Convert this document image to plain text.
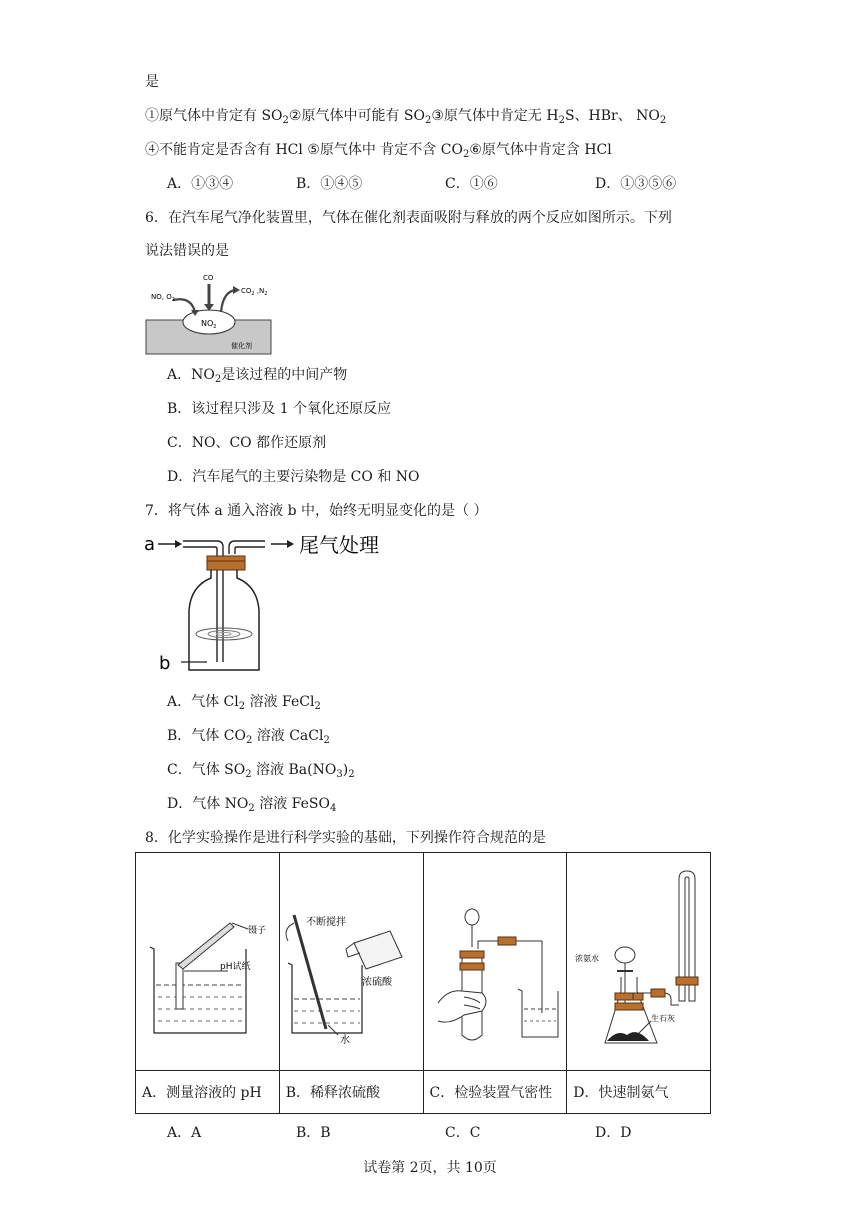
是
①原气体中肯定有 $SO_2②$原气体中可能有 $SO_2③$原气体中肯定无 $H_2S$、HBr、 $NO_2$
④不能肯定是否含有 HCl ⑤原气体中 肯定不含 $CO_2⑥$原气体中肯定含 HCl
A．①③④	B．①④⑤	C．①⑥	D．①③⑤⑥
6．在汽车尾气净化装置里，气体在催化剂表面吸附与释放的两个反应如图所示。下列
说法错误的是
$NO_2$
催化剂
NO, $O_2$
CO
$CO_2$ $,N_2$
A．$NO_2$是该过程的中间产物
B．该过程只涉及 1 个氧化还原反应
C．NO、CO 都作还原剂
D．汽车尾气的主要污染物是 CO 和 NO
7．将气体 a 通入溶液 b 中，始终无明显变化的是（ ）
a	尾气处理
b
A．气体 $Cl_2$ 溶液 FeCl$_2$
B．气体 $CO_2$ 溶液 CaCl$_2$
C．气体 $SO_2$ 溶液 $Ba(NO_3)_2$
D．气体 $NO_2$ 溶液 FeSO$_4$
8．化学实验操作是进行科学实验的基础，下列操作符合规范的是
镊子
pH试纸	不断搅拌
浓硫酸
水		浓氨水
生石灰

A．测量溶液的 pH	B．稀释浓硫酸	C．检验装置气密性	D．快速制氨气
A．A	B．B	C．C	D．D
试卷第 2页，共 10页
